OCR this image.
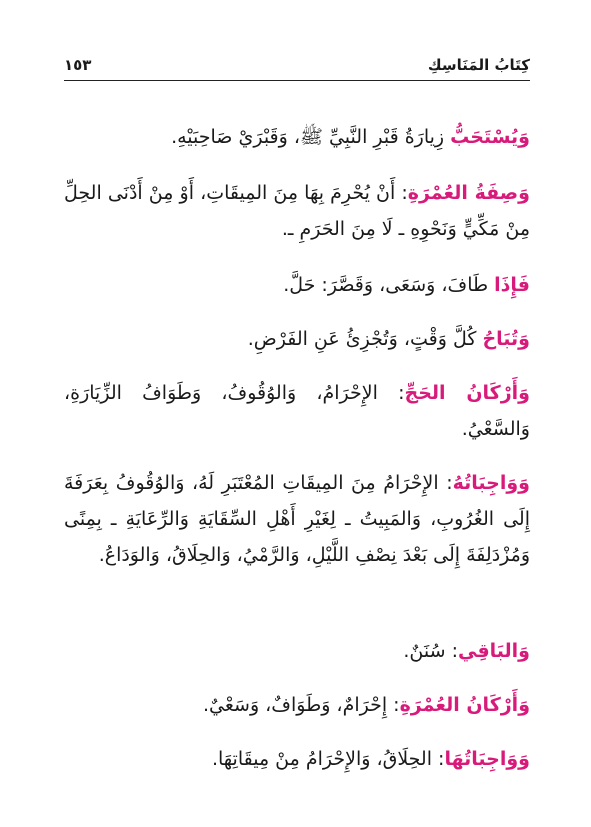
كِتَابُ المَنَاسِكِ
١٥٣

وَيُسْتَحَبُّ زِيارَةُ قَبْرِ النَّبِيِّ ﷺ، وَقَبْرَيْ صَاحِبَيْهِ.

وَصِفَةُ العُمْرَةِ: أَنْ يُحْرِمَ بِهَا مِنَ المِيقَاتِ، أَوْ مِنْ أَدْنَى الحِلِّ مِنْ مَكِّيٍّ وَنَحْوِهِ ـ لَا مِنَ الحَرَمِ ـ.

فَإِذَا طَافَ، وَسَعَى، وَقَصَّرَ: حَلَّ.

وَتُبَاحُ كُلَّ وَقْتٍ، وَتُجْزِئُ عَنِ الفَرْضِ.

وَأَرْكَانُ الحَجِّ: الإِحْرَامُ، وَالوُقُوفُ، وَطَوَافُ الزِّيَارَةِ، وَالسَّعْيُ.

وَوَاجِبَاتُهُ: الإِحْرَامُ مِنَ المِيقَاتِ المُعْتَبَرِ لَهُ، وَالوُقُوفُ بِعَرَفَةَ إِلَى الغُرُوبِ، وَالمَبِيتُ ـ لِغَيْرِ أَهْلِ السِّقَايَةِ وَالرِّعَايَةِ ـ بِمِنًى وَمُزْدَلِفَةَ إِلَى بَعْدَ نِصْفِ اللَّيْلِ، وَالرَّمْيُ، وَالحِلَاقُ، وَالوَدَاعُ.

وَالبَاقِي: سُنَنٌ.

وَأَرْكَانُ العُمْرَةِ: إِحْرَامٌ، وَطَوَافٌ، وَسَعْيٌ.

وَوَاجِبَاتُهَا: الحِلَاقُ، وَالإِحْرَامُ مِنْ مِيقَاتِهَا.
